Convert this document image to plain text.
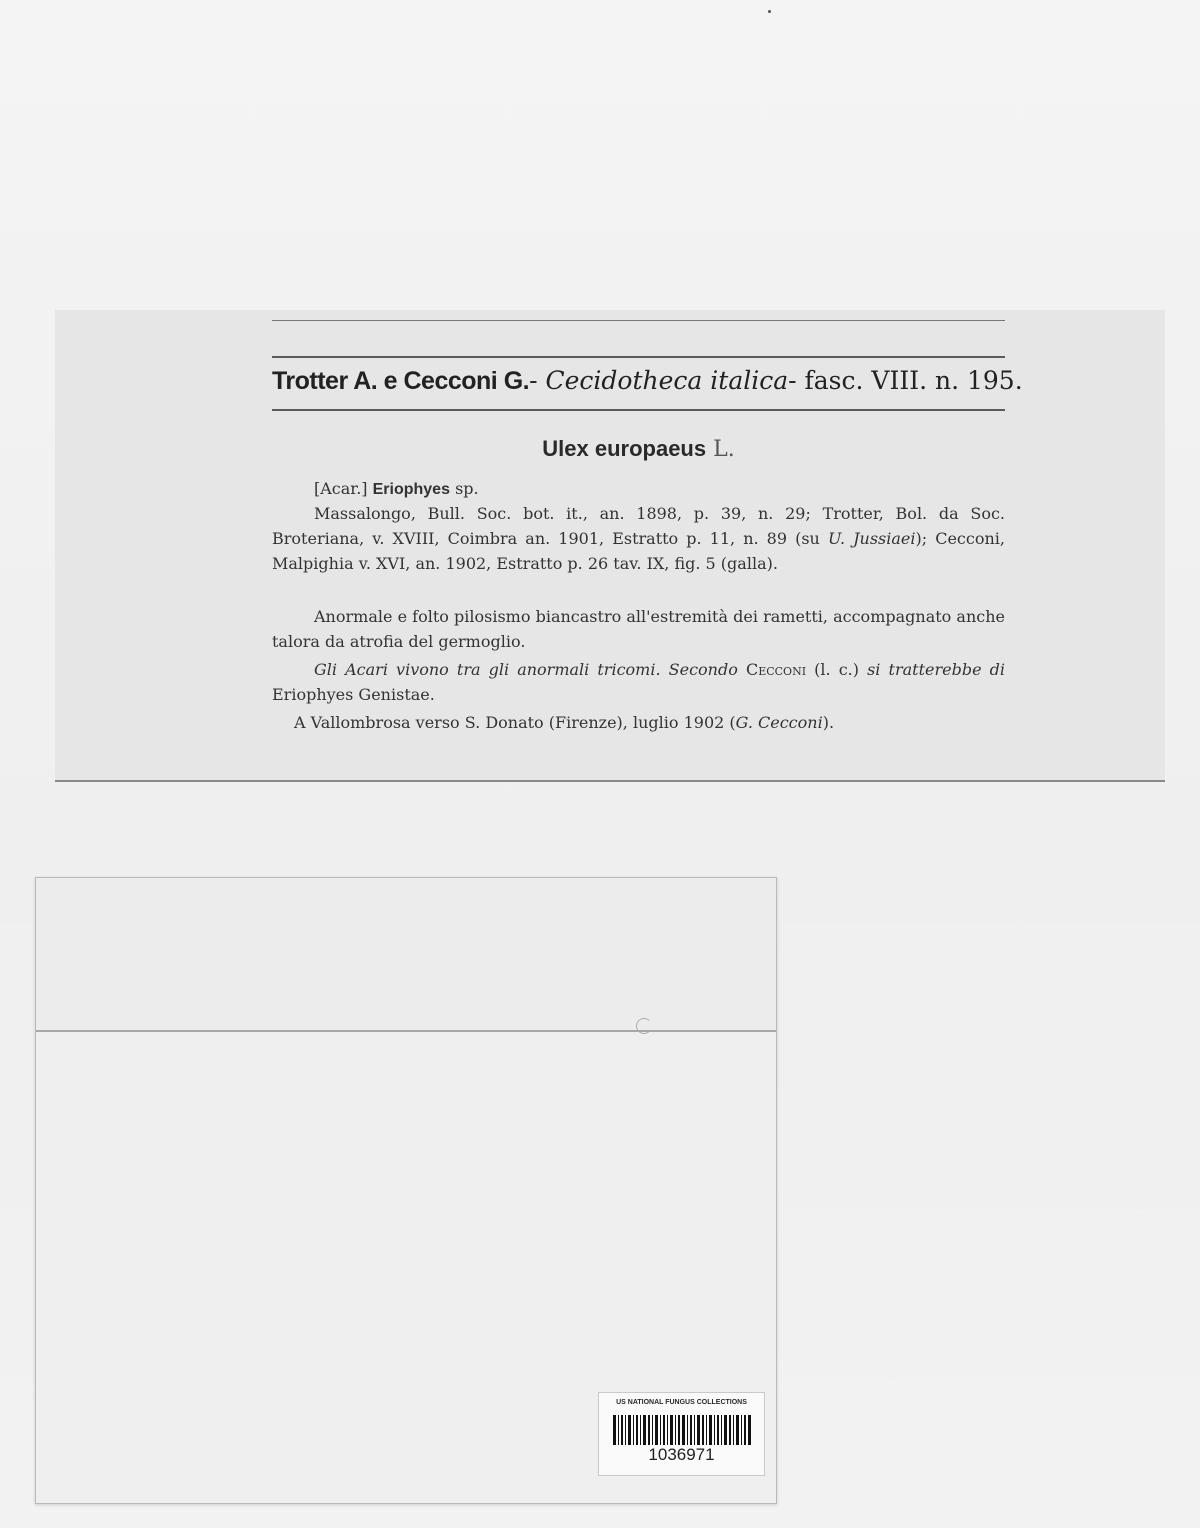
Trotter A. e Cecconi G.- Cecidotheca italica- fasc. VIII. n. 195.
Ulex europaeus L.
[Acar.] Eriophyes sp.
Massalongo, Bull. Soc. bot. it., an. 1898, p. 39, n. 29; Trotter, Bol. da Soc. Broteriana, v. XVIII, Coimbra an. 1901, Estratto p. 11, n. 89 (su U. Jussiaei); Cecconi, Malpighia v. XVI, an. 1902, Estratto p. 26 tav. IX, fig. 5 (galla).
Anormale e folto pilosismo biancastro all'estremità dei rametti, accompagnato anche talora da atrofia del germoglio.
Gli Acari vivono tra gli anormali tricomi. Secondo Cecconi (l. c.) si tratterebbe di Eriophyes Genistae.
A Vallombrosa verso S. Donato (Firenze), luglio 1902 (G. Cecconi).
US NATIONAL FUNGUS COLLECTIONS
1036971
